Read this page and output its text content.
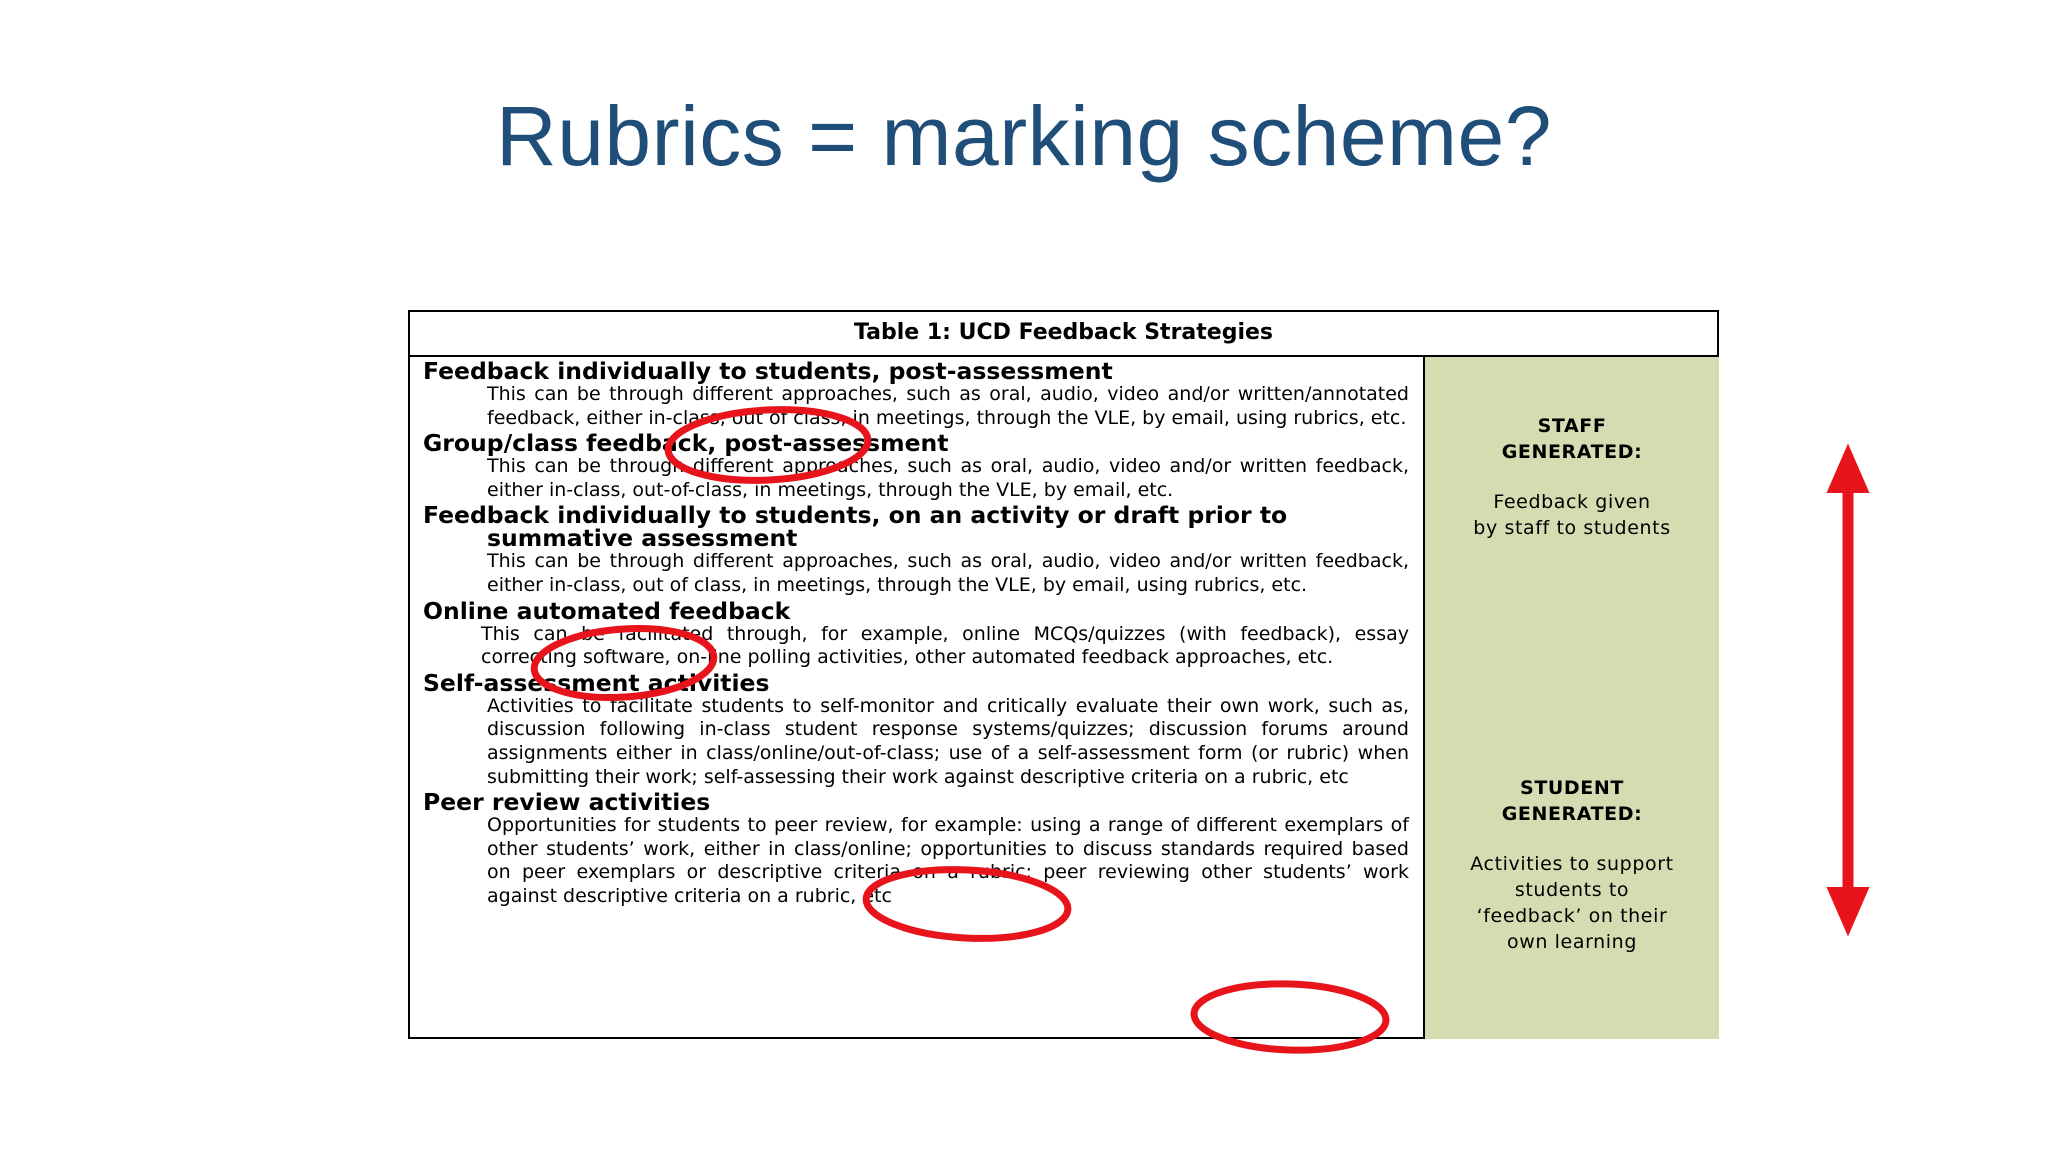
Rubrics = marking scheme?
Table 1: UCD Feedback Strategies

Feedback individually to students, post-assessment

This can be through different approaches, such as oral, audio, video and/or written/annotated feedback, either in-class, out of class, in meetings, through the VLE, by email, using rubrics, etc.

Group/class feedback, post-assessment

This can be through different approaches, such as oral, audio, video and/or written feedback, either in-class, out-of-class, in meetings, through the VLE, by email, etc.

Feedback individually to students, on an activity or draft prior to summative assessment

This can be through different approaches, such as oral, audio, video and/or written feedback, either in-class, out of class, in meetings, through the VLE, by email, using rubrics, etc.

Online automated feedback

This can be facilitated through, for example, online MCQs/quizzes (with feedback), essay correcting software, on-line polling activities, other automated feedback approaches, etc.

Self-assessment activities

Activities to facilitate students to self-monitor and critically evaluate their own work, such as, discussion following in-class student response systems/quizzes; discussion forums around assignments either in class/online/out-of-class; use of a self-assessment form (or rubric) when submitting their work; self-assessing their work against descriptive criteria on a rubric, etc

Peer review activities

Opportunities for students to peer review, for example: using a range of different exemplars of other students’ work, either in class/online; opportunities to discuss standards required based on peer exemplars or descriptive criteria on a rubric; peer reviewing other students’ work against descriptive criteria on a rubric, etc

STAFF
GENERATED:

Feedback given
by staff to students

STUDENT
GENERATED:

Activities to support
students to
‘feedback’ on their
own learning
